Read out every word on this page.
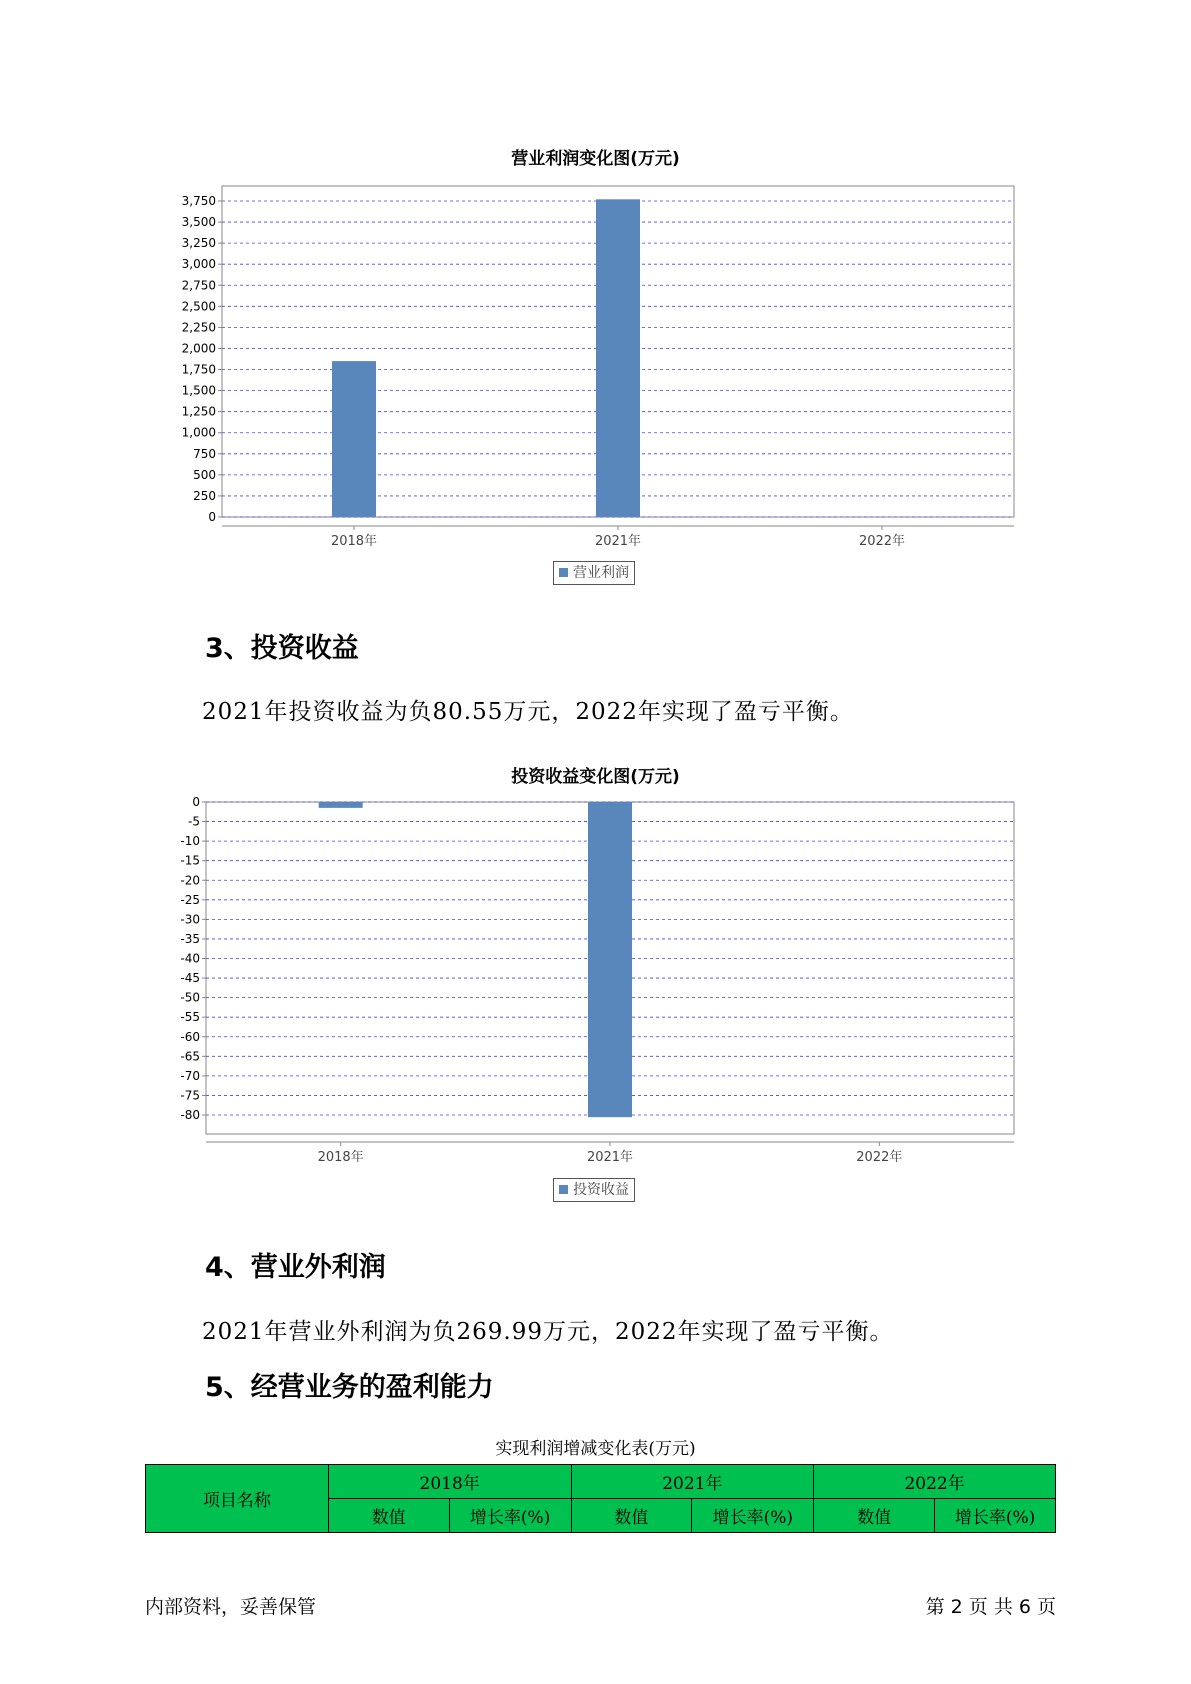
营业利润变化图(万元)
0
250
500
750
1,000
1,250
1,500
1,750
2,000
2,250
2,500
2,750
3,000
3,250
3,500
3,750
2018年	2021年	2022年
营业利润
3、投资收益
2021年投资收益为负80.55万元，2022年实现了盈亏平衡。
投资收益变化图(万元)
0
-5
-10
-15
-20
-25
-30
-35
-40
-45
-50
-55
-60
-65
-70
-75
-80
2018年	2021年	2022年
投资收益
4、营业外利润
2021年营业外利润为负269.99万元，2022年实现了盈亏平衡。
5、经营业务的盈利能力
实现利润增减变化表(万元)
项目名称	2018年		2021年		2022年	
	数值	增长率(%)	数值	增长率(%)	数值	增长率(%)
内部资料，妥善保管	第 2 页 共 6 页
